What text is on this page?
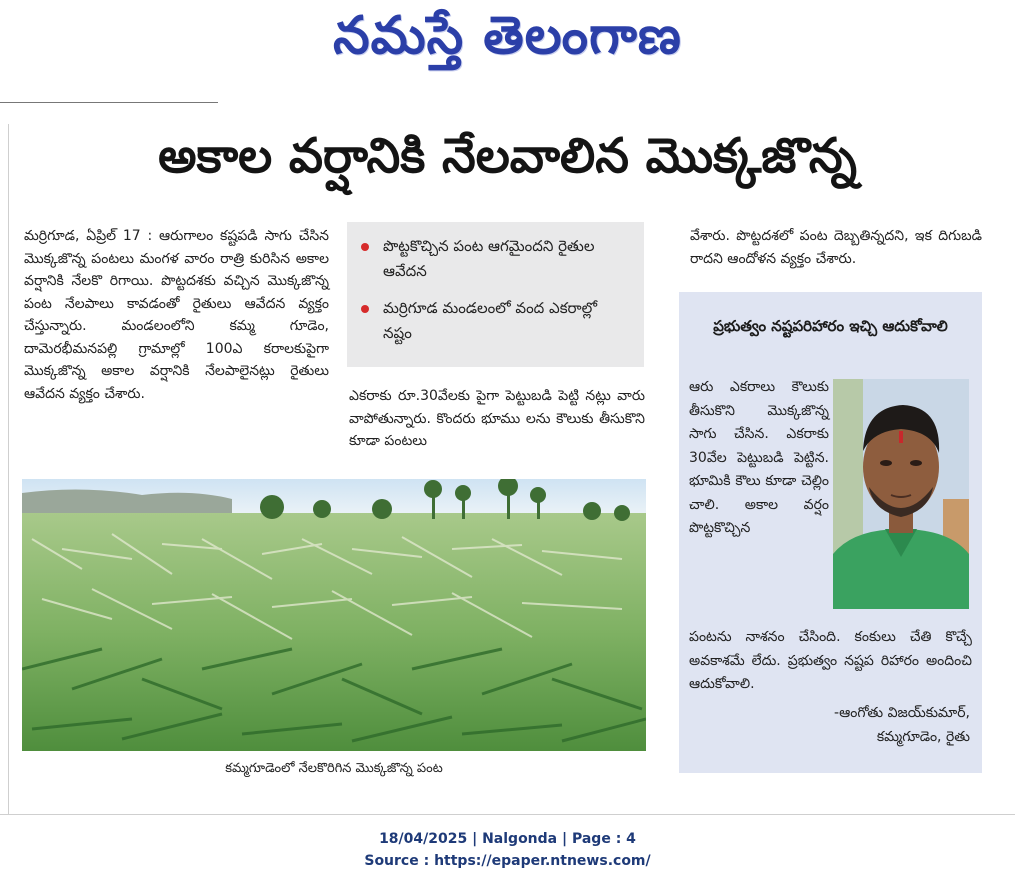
నమస్తే తెలంగాణ
అకాల వర్షానికి నేలవాలిన మొక్కజొన్న
మర్రిగూడ, ఏప్రిల్ 17 : ఆరుగాలం కష్టపడి సాగు చేసిన మొక్కజొన్న పంటలు మంగళ వారం రాత్రి కురిసిన అకాల వర్షానికి నేలకొ రిగాయి. పొట్టదశకు వచ్చిన మొక్కజొన్న పంట నేలపాలు కావడంతో రైతులు ఆవేదన వ్యక్తం చేస్తున్నారు. మండలంలోని కమ్మ గూడెం, దామెరభీమనపల్లి గ్రామాల్లో 100ఎ కరాలకుపైగా మొక్కజొన్న అకాల వర్షానికి నేలపాలైనట్లు రైతులు ఆవేదన వ్యక్తం చేశారు.
పొట్టకొచ్చిన పంట ఆగమైందని రైతుల ఆవేదన
మర్రిగూడ మండలంలో వంద ఎకరాల్లో నష్టం
ఎకరాకు రూ.30వేలకు పైగా పెట్టుబడి పెట్టి నట్లు వారు వాపోతున్నారు. కొందరు భూము లను కౌలుకు తీసుకొని కూడా పంటలు
వేశారు. పొట్టదశలో పంట దెబ్బతిన్నదని, ఇక దిగుబడి రాదని ఆందోళన వ్యక్తం చేశారు.
కమ్మగూడెంలో నేలకొరిగిన మొక్కజొన్న పంట
ప్రభుత్వం నష్టపరిహారం ఇచ్చి ఆదుకోవాలి
ఆరు ఎకరాలు కౌలుకు తీసుకొని మొక్కజొన్న సాగు చేసిన. ఎకరాకు 30వేల పెట్టుబడి పెట్టిన. భూమికి కౌలు కూడా చెల్లిం చాలి. అకాల వర్షం పొట్టకొచ్చిన
పంటను నాశనం చేసింది. కంకులు చేతి కొచ్చే అవకాశమే లేదు. ప్రభుత్వం నష్టప రిహారం అందించి ఆదుకోవాలి.
-ఆంగోతు విజయ్‌కుమార్,
కమ్మగూడెం, రైతు
18/04/2025 | Nalgonda | Page : 4
Source : https://epaper.ntnews.com/
